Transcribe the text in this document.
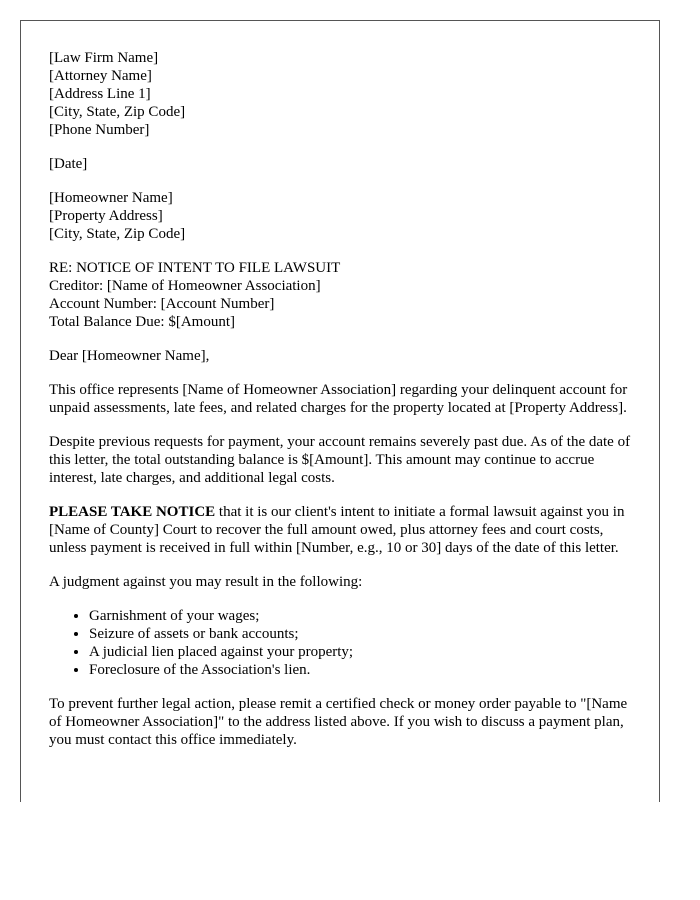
[Law Firm Name]
[Attorney Name]
[Address Line 1]
[City, State, Zip Code]
[Phone Number]
[Date]
[Homeowner Name]
[Property Address]
[City, State, Zip Code]
RE: NOTICE OF INTENT TO FILE LAWSUIT
Creditor: [Name of Homeowner Association]
Account Number: [Account Number]
Total Balance Due: $[Amount]

Dear [Homeowner Name],

This office represents [Name of Homeowner Association] regarding your delinquent account for unpaid assessments, late fees, and related charges for the property located at [Property Address].

Despite previous requests for payment, your account remains severely past due. As of the date of this letter, the total outstanding balance is $[Amount]. This amount may continue to accrue interest, late charges, and additional legal costs.

PLEASE TAKE NOTICE that it is our client's intent to initiate a formal lawsuit against you in [Name of County] Court to recover the full amount owed, plus attorney fees and court costs, unless payment is received in full within [Number, e.g., 10 or 30] days of the date of this letter.

A judgment against you may result in the following:

• Garnishment of your wages;
• Seizure of assets or bank accounts;
• A judicial lien placed against your property;
• Foreclosure of the Association's lien.

To prevent further legal action, please remit a certified check or money order payable to "[Name of Homeowner Association]" to the address listed above. If you wish to discuss a payment plan, you must contact this office immediately.
